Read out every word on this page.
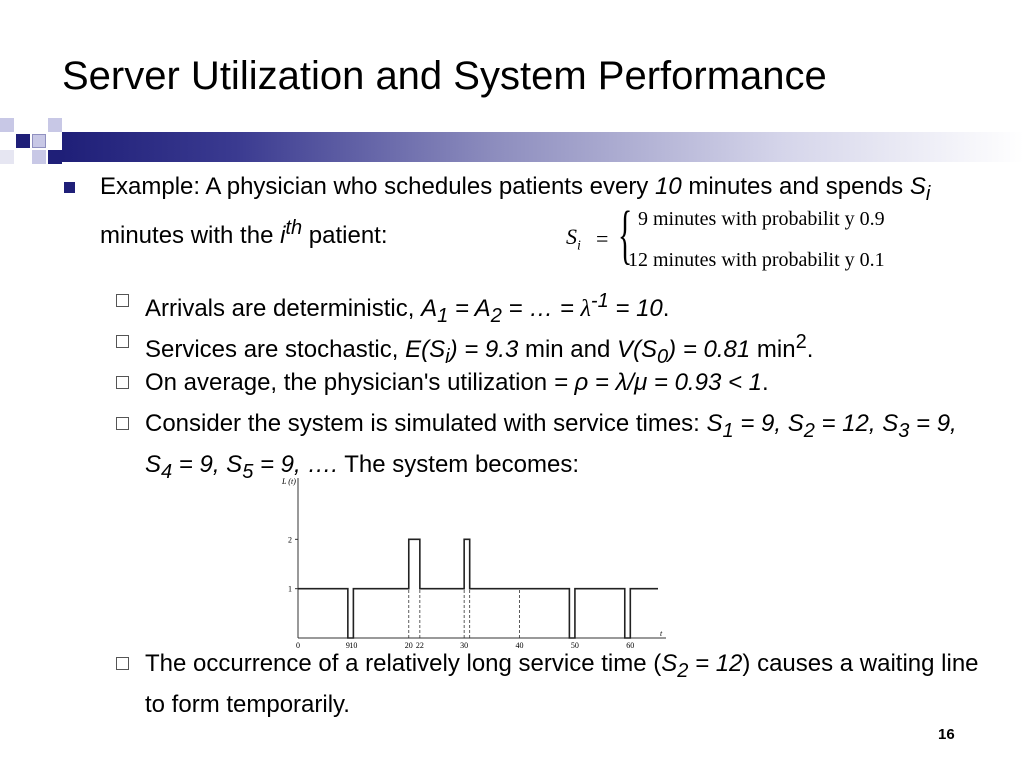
Server Utilization and System Performance
Example: A physician who schedules patients every 10 minutes and spends $S_i$ minutes with the $i^{th}$ patient:	$S_i$ = { 9 minutes with probabilit y 0.9
12 minutes with probabilit y 0.1
Arrivals are deterministic, $A_1 = A_2$ = … = $\lambda^{-1} = 10$.
Services are stochastic, $E(S_i) = 9.3$ min and $V(S_0) = 0.81$ $\min^2$.
On average, the physician's utilization = ρ = λ/μ = 0.93 < 1.
Consider the system is simulated with service times: $S_1 = 9$, $S_2 = 12$, $S_3 = 9$, $S_4 = 9$, $S_5 = 9$, …. The system becomes:
L (t)
t
1
2
0	9 10	20 22	30	40	50	60
The occurrence of a relatively long service time $(S_2 = 12)$ causes a waiting line to form temporarily.
16
